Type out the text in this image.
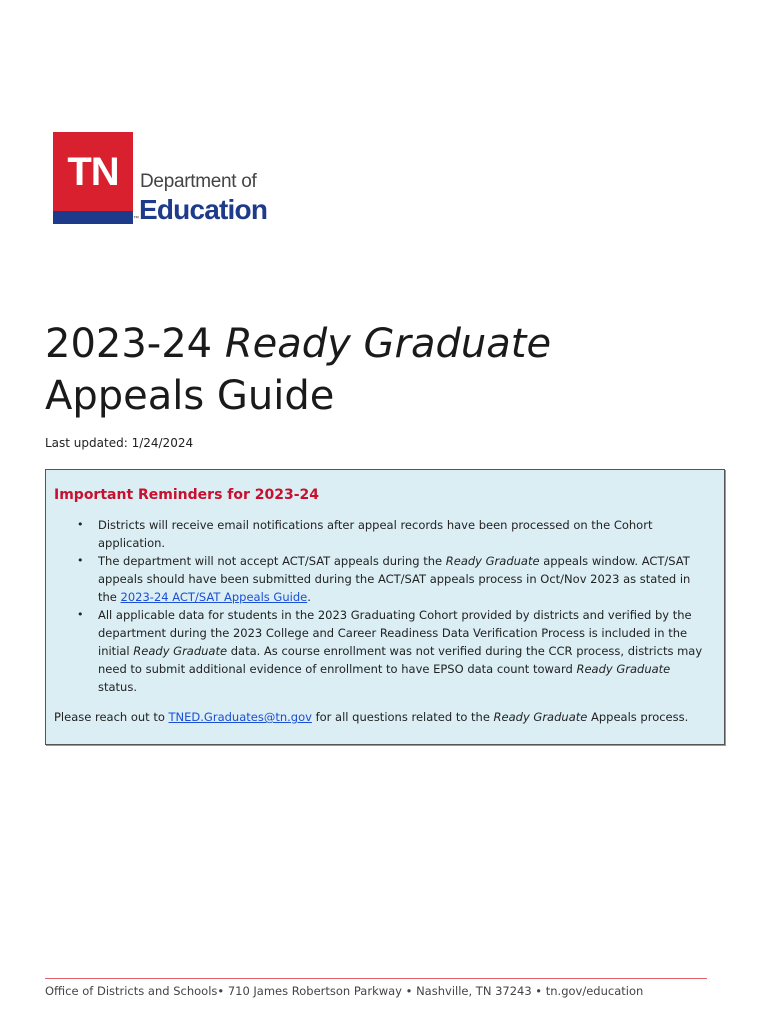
TN
™
Department of
Education
2023-24 Ready Graduate
Appeals Guide
Last updated: 1/24/2024
Important Reminders for 2023-24
• Districts will receive email notifications after appeal records have been processed on the Cohort application.
• The department will not accept ACT/SAT appeals during the Ready Graduate appeals window. ACT/SAT appeals should have been submitted during the ACT/SAT appeals process in Oct/Nov 2023 as stated in the 2023-24 ACT/SAT Appeals Guide.
• All applicable data for students in the 2023 Graduating Cohort provided by districts and verified by the department during the 2023 College and Career Readiness Data Verification Process is included in the initial Ready Graduate data. As course enrollment was not verified during the CCR process, districts may need to submit additional evidence of enrollment to have EPSO data count toward Ready Graduate status.

Please reach out to TNED.Graduates@tn.gov for all questions related to the Ready Graduate Appeals process.

Office of Districts and Schools• 710 James Robertson Parkway • Nashville, TN 37243 • tn.gov/education
